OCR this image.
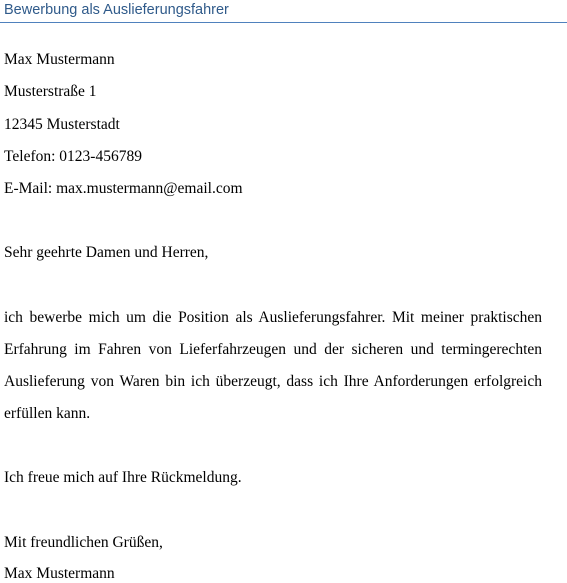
Bewerbung als Auslieferungsfahrer
Max Mustermann
Musterstraße 1
12345 Musterstadt
Telefon: 0123-456789
E-Mail: max.mustermann@email.com
Sehr geehrte Damen und Herren,
ich bewerbe mich um die Position als Auslieferungsfahrer. Mit meiner praktischen
Erfahrung im Fahren von Lieferfahrzeugen und der sicheren und termingerechten
Auslieferung von Waren bin ich überzeugt, dass ich Ihre Anforderungen erfolgreich
erfüllen kann.
Ich freue mich auf Ihre Rückmeldung.
Mit freundlichen Grüßen,
Max Mustermann
